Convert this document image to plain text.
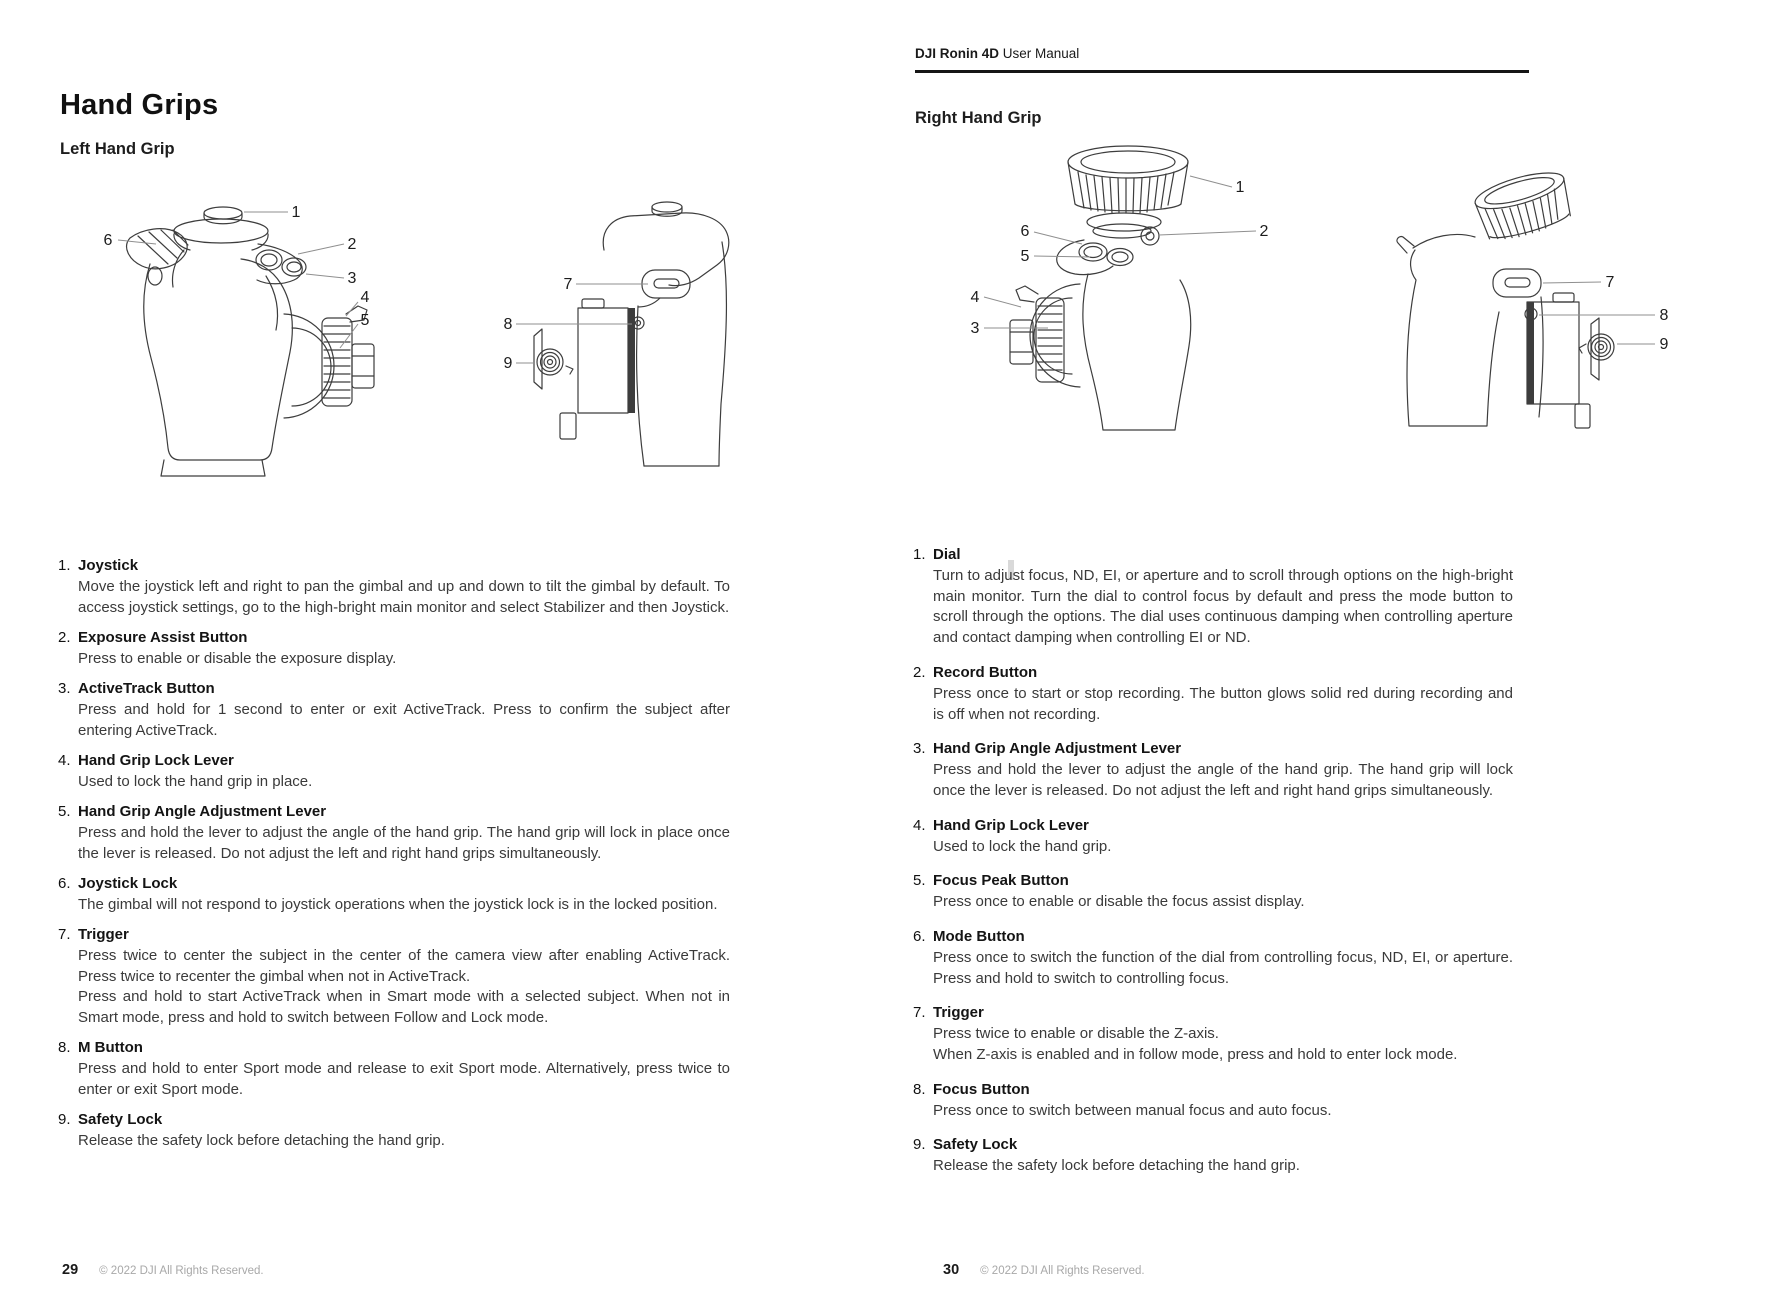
Hand Grips
Left Hand Grip
1
2
3
4
5
6
7
8
9
1. Joystick

Move the joystick left and right to pan the gimbal and up and down to tilt the gimbal by default. To access joystick settings, go to the high-bright main monitor and select Stabilizer and then Joystick.

2. Exposure Assist Button

Press to enable or disable the exposure display.

3. ActiveTrack Button

Press and hold for 1 second to enter or exit ActiveTrack. Press to confirm the subject after entering ActiveTrack.

4. Hand Grip Lock Lever

Used to lock the hand grip in place.

5. Hand Grip Angle Adjustment Lever

Press and hold the lever to adjust the angle of the hand grip. The hand grip will lock in place once the lever is released. Do not adjust the left and right hand grips simultaneously.

6. Joystick Lock

The gimbal will not respond to joystick operations when the joystick lock is in the locked position.

7. Trigger

Press twice to center the subject in the center of the camera view after enabling ActiveTrack. Press twice to recenter the gimbal when not in ActiveTrack.

Press and hold to start ActiveTrack when in Smart mode with a selected subject. When not in Smart mode, press and hold to switch between Follow and Lock mode.

8. M Button

Press and hold to enter Sport mode and release to exit Sport mode. Alternatively, press twice to enter or exit Sport mode.

9. Safety Lock

Release the safety lock before detaching the hand grip.

29 © 2022 DJI All Rights Reserved.
DJI Ronin 4D User Manual
Right Hand Grip
6
5
4
3
1
2
7
8
9
1. Dial

Turn to adjust focus, ND, EI, or aperture and to scroll through options on the high-bright main monitor. Turn the dial to control focus by default and press the mode button to scroll through the options. The dial uses continuous damping when controlling aperture and contact damping when controlling EI or ND.

2. Record Button

Press once to start or stop recording. The button glows solid red during recording and is off when not recording.

3. Hand Grip Angle Adjustment Lever

Press and hold the lever to adjust the angle of the hand grip. The hand grip will lock once the lever is released. Do not adjust the left and right hand grips simultaneously.

4. Hand Grip Lock Lever

Used to lock the hand grip.

5. Focus Peak Button

Press once to enable or disable the focus assist display.

6. Mode Button

Press once to switch the function of the dial from controlling focus, ND, EI, or aperture. Press and hold to switch to controlling focus.

7. Trigger

Press twice to enable or disable the Z-axis.

When Z-axis is enabled and in follow mode, press and hold to enter lock mode.

8. Focus Button

Press once to switch between manual focus and auto focus.

9. Safety Lock

Release the safety lock before detaching the hand grip.

30 © 2022 DJI All Rights Reserved.
